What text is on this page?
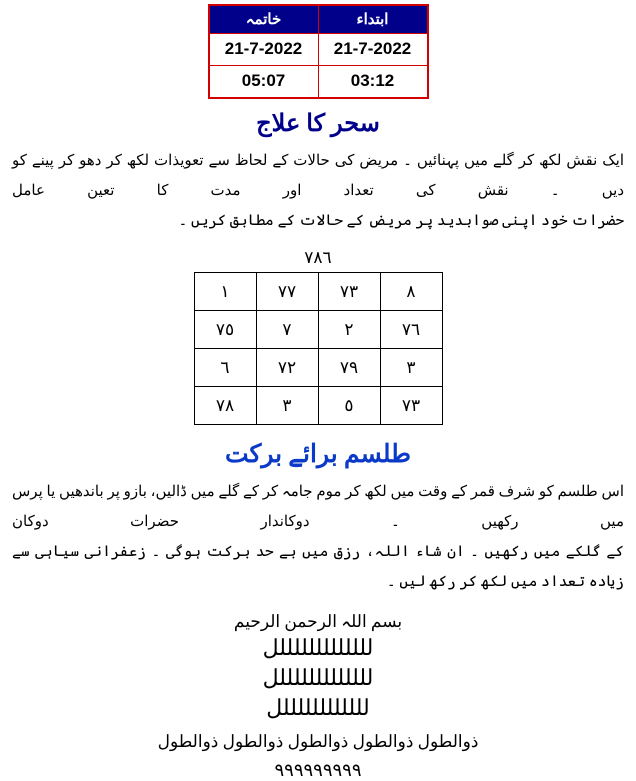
ابتداء	خاتمہ
21-7-2022	21-7-2022
03:12	05:07
سحر کا علاج
ایک نقش لکھ کر گلے میں پہنائیں ۔ مریض کی حالات کے لحاظ سے تعویذات لکھ کر دھو کر پینے کو دیں ۔ نقش کی تعداد اور مدت کا تعین عامل
حضرات خود اپنی صوابدید پر مریض کے حالات کے مطابق کریں ۔
٧٨٦
٨	٧٣	٧٧	١
٧٦	٢	٧	٧٥
٣	٧٩	٧٢	٦
٧٣	٥	٣	٧٨
طلسم برائے برکت
اس طلسم کو شرف قمر کے وقت میں لکھ کر موم جامہ کر کے گلے میں ڈالیں، بازو پر باندھیں یا پرس میں رکھیں ۔ دوکاندار حضرات دوکان
کے گلکے میں رکھیں ۔ ان شاء اللہ، رزق میں بے حد برکت ہوگی ۔ زعفرانی سیاہی سے زیادہ تعداد میں لکھ کر رکھ لیں ۔
بسم اللہ الرحمن الرحیم
لللللللللللللل
لللللللللللللل
للللللللللللل
ذوالطول ذوالطول ذوالطول ذوالطول ذوالطول
٩٩٩٩٩٩٩٩٩
